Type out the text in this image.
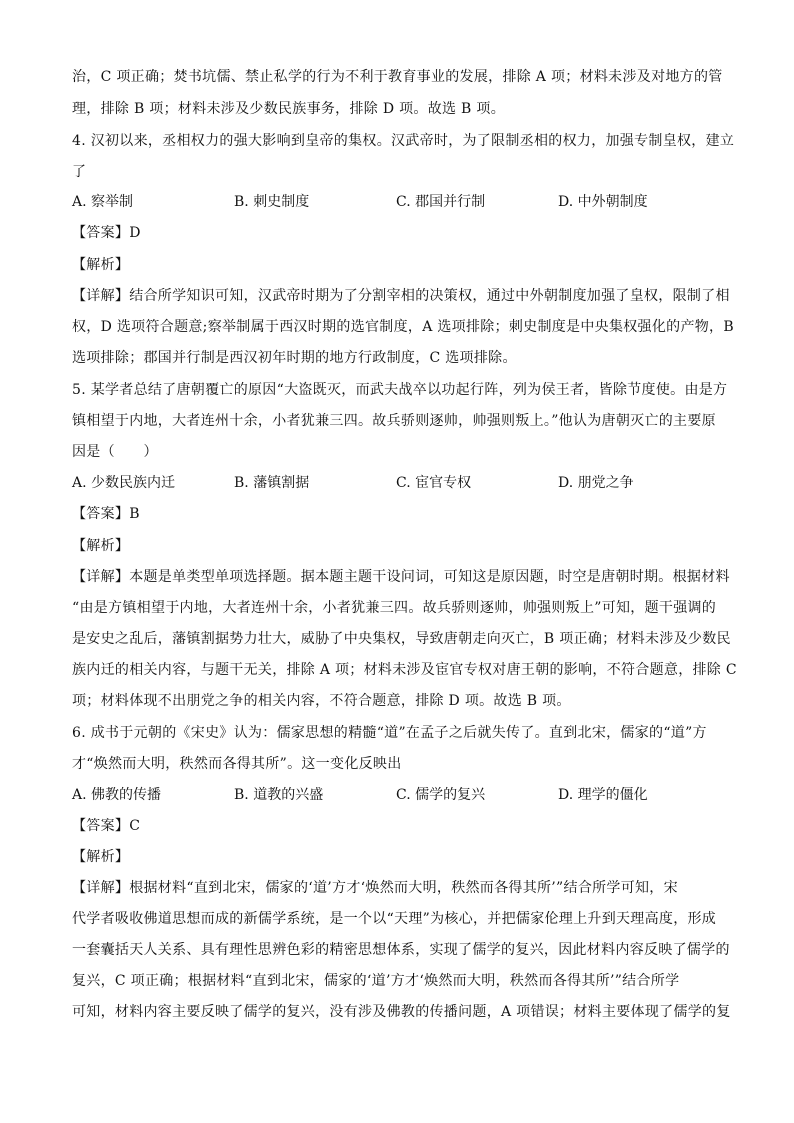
治，C 项正确；焚书坑儒、禁止私学的行为不利于教育事业的发展，排除 A 项；材料未涉及对地方的管
理，排除 B 项；材料未涉及少数民族事务，排除 D 项。故选 B 项。
4. 汉初以来，丞相权力的强大影响到皇帝的集权。汉武帝时，为了限制丞相的权力，加强专制皇权，建立
了
A. 察举制	B. 刺史制度	C. 郡国并行制	D. 中外朝制度
【答案】D
【解析】
【详解】结合所学知识可知，汉武帝时期为了分割宰相的决策权，通过中外朝制度加强了皇权，限制了相
权，D 选项符合题意;察举制属于西汉时期的选官制度，A 选项排除；刺史制度是中央集权强化的产物，B
选项排除；郡国并行制是西汉初年时期的地方行政制度，C 选项排除。
5. 某学者总结了唐朝覆亡的原因“大盗既灭，而武夫战卒以功起行阵，列为侯王者，皆除节度使。由是方
镇相望于内地，大者连州十余，小者犹兼三四。故兵骄则逐帅，帅强则叛上。”他认为唐朝灭亡的主要原
因是（　　）
A. 少数民族内迁	B. 藩镇割据	C. 宦官专权	D. 朋党之争
【答案】B
【解析】
【详解】本题是单类型单项选择题。据本题主题干设问词，可知这是原因题，时空是唐朝时期。根据材料
“由是方镇相望于内地，大者连州十余，小者犹兼三四。故兵骄则逐帅，帅强则叛上”可知，题干强调的
是安史之乱后，藩镇割据势力壮大，威胁了中央集权，导致唐朝走向灭亡，B 项正确；材料未涉及少数民
族内迁的相关内容，与题干无关，排除 A 项；材料未涉及宦官专权对唐王朝的影响，不符合题意，排除 C
项；材料体现不出朋党之争的相关内容，不符合题意，排除 D 项。故选 B 项。
6. 成书于元朝的《宋史》认为：儒家思想的精髓“道”在孟子之后就失传了。直到北宋，儒家的“道”方
才“焕然而大明，秩然而各得其所”。这一变化反映出
A. 佛教的传播	B. 道教的兴盛	C. 儒学的复兴	D. 理学的僵化
【答案】C
【解析】
【详解】根据材料“直到北宋，儒家的‘道’方才‘焕然而大明，秩然而各得其所’”结合所学可知，宋
代学者吸收佛道思想而成的新儒学系统，是一个以“天理”为核心，并把儒家伦理上升到天理高度，形成
一套囊括天人关系、具有理性思辨色彩的精密思想体系，实现了儒学的复兴，因此材料内容反映了儒学的
复兴，C 项正确；根据材料“直到北宋，儒家的‘道’方才‘焕然而大明，秩然而各得其所’”结合所学
可知，材料内容主要反映了儒学的复兴，没有涉及佛教的传播问题，A 项错误；材料主要体现了儒学的复
